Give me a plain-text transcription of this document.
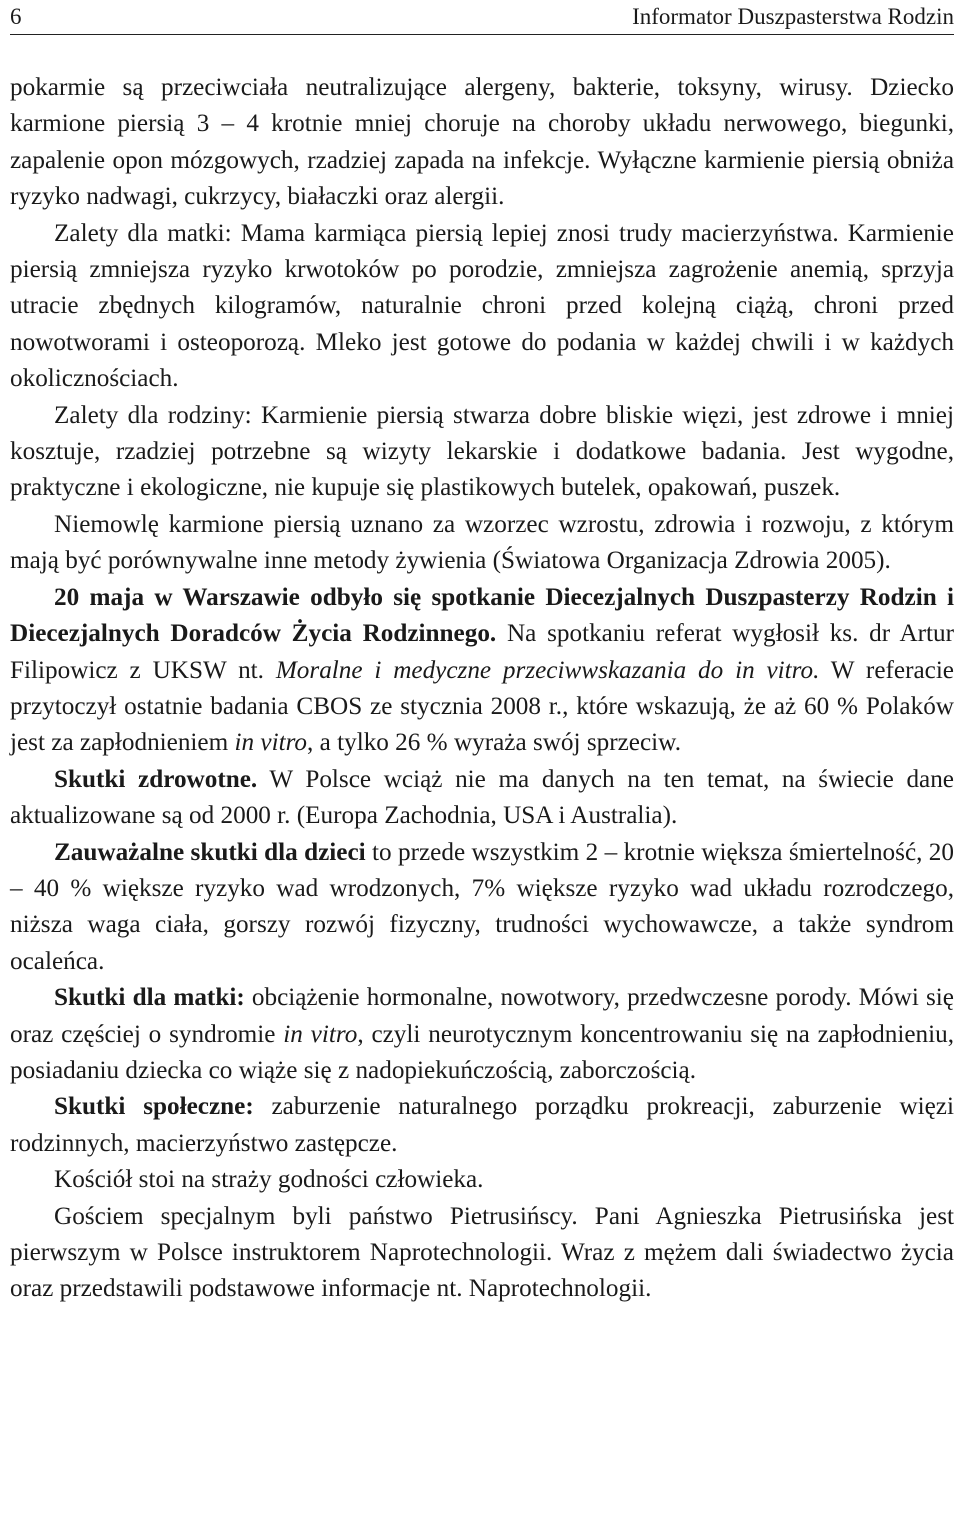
6	Informator Duszpasterstwa Rodzin

pokarmie są przeciwciała neutralizujące alergeny, bakterie, toksyny, wirusy. Dziecko karmione piersią 3 – 4 krotnie mniej choruje na choroby układu nerwowego, biegunki, zapalenie opon mózgowych, rzadziej zapada na infekcje. Wyłączne karmienie piersią obniża ryzyko nadwagi, cukrzycy, białaczki oraz alergii.

Zalety dla matki: Mama karmiąca piersią lepiej znosi trudy macierzyństwa. Karmienie piersią zmniejsza ryzyko krwotoków po porodzie, zmniejsza zagrożenie anemią, sprzyja utracie zbędnych kilogramów, naturalnie chroni przed kolejną ciążą, chroni przed nowotworami i osteoporozą. Mleko jest gotowe do podania w każdej chwili i w każdych okolicznościach.

Zalety dla rodziny: Karmienie piersią stwarza dobre bliskie więzi, jest zdrowe i mniej kosztuje, rzadziej potrzebne są wizyty lekarskie i dodatkowe badania. Jest wygodne, praktyczne i ekologiczne, nie kupuje się plastikowych butelek, opakowań, puszek.

Niemowlę karmione piersią uznano za wzorzec wzrostu, zdrowia i rozwoju, z którym mają być porównywalne inne metody żywienia (Światowa Organizacja Zdrowia 2005).

20 maja w Warszawie odbyło się spotkanie Diecezjalnych Duszpasterzy Rodzin i Diecezjalnych Doradców Życia Rodzinnego. Na spotkaniu referat wygłosił ks. dr Artur Filipowicz z UKSW nt. Moralne i medyczne przeciwwskazania do in vitro. W referacie przytoczył ostatnie badania CBOS ze stycznia 2008 r., które wskazują, że aż 60 % Polaków jest za zapłodnieniem in vitro, a tylko 26 % wyraża swój sprzeciw.

Skutki zdrowotne. W Polsce wciąż nie ma danych na ten temat, na świecie dane aktualizowane są od 2000 r. (Europa Zachodnia, USA i Australia).

Zauważalne skutki dla dzieci to przede wszystkim 2 – krotnie większa śmiertelność, 20 – 40 % większe ryzyko wad wrodzonych, 7% większe ryzyko wad układu rozrodczego, niższa waga ciała, gorszy rozwój fizyczny, trudności wychowawcze, a także syndrom ocaleńca.

Skutki dla matki: obciążenie hormonalne, nowotwory, przedwczesne porody. Mówi się oraz częściej o syndromie in vitro, czyli neurotycznym koncentrowaniu się na zapłodnieniu, posiadaniu dziecka co wiąże się z nadopiekuńczością, zaborczością.

Skutki społeczne: zaburzenie naturalnego porządku prokreacji, zaburzenie więzi rodzinnych, macierzyństwo zastępcze.

Kościół stoi na straży godności człowieka.

Gościem specjalnym byli państwo Pietrusińscy. Pani Agnieszka Pietrusińska jest pierwszym w Polsce instruktorem Naprotechnologii. Wraz z mężem dali świadectwo życia oraz przedstawili podstawowe informacje nt. Naprotechnologii.
